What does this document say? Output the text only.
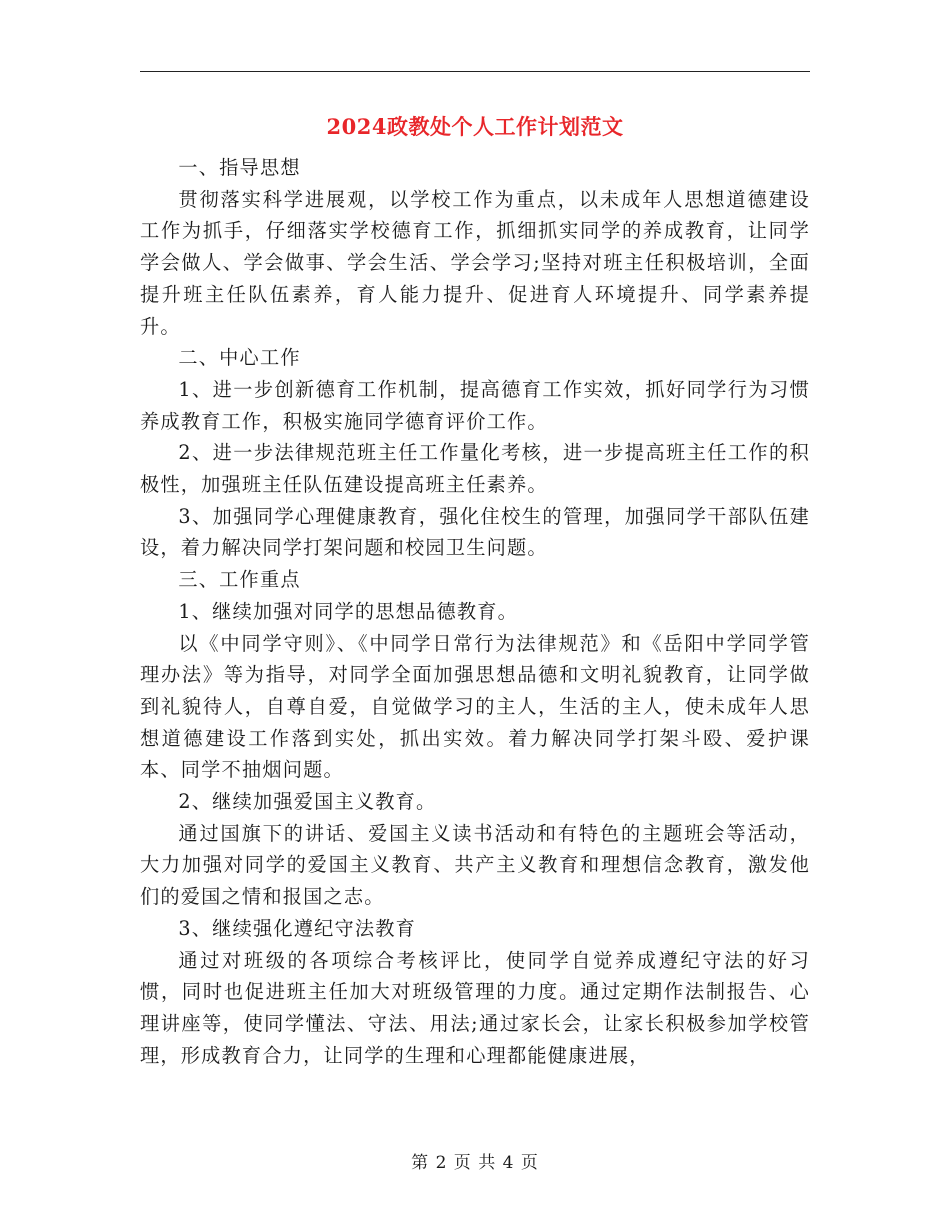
2024政教处个人工作计划范文

一、指导思想

贯彻落实科学进展观，以学校工作为重点，以未成年人思想道德建设工作为抓手，仔细落实学校德育工作，抓细抓实同学的养成教育，让同学学会做人、学会做事、学会生活、学会学习;坚持对班主任积极培训，全面提升班主任队伍素养，育人能力提升、促进育人环境提升、同学素养提升。

二、中心工作

1、进一步创新德育工作机制，提高德育工作实效，抓好同学行为习惯养成教育工作，积极实施同学德育评价工作。

2、进一步法律规范班主任工作量化考核，进一步提高班主任工作的积极性，加强班主任队伍建设提高班主任素养。

3、加强同学心理健康教育，强化住校生的管理，加强同学干部队伍建设，着力解决同学打架问题和校园卫生问题。

三、工作重点

1、继续加强对同学的思想品德教育。

以《中同学守则》、《中同学日常行为法律规范》和《岳阳中学同学管理办法》等为指导，对同学全面加强思想品德和文明礼貌教育，让同学做到礼貌待人，自尊自爱，自觉做学习的主人，生活的主人，使未成年人思想道德建设工作落到实处，抓出实效。着力解决同学打架斗殴、爱护课本、同学不抽烟问题。

2、继续加强爱国主义教育。

通过国旗下的讲话、爱国主义读书活动和有特色的主题班会等活动，大力加强对同学的爱国主义教育、共产主义教育和理想信念教育，激发他们的爱国之情和报国之志。

3、继续强化遵纪守法教育

通过对班级的各项综合考核评比，使同学自觉养成遵纪守法的好习惯，同时也促进班主任加大对班级管理的力度。通过定期作法制报告、心理讲座等，使同学懂法、守法、用法;通过家长会，让家长积极参加学校管理，形成教育合力，让同学的生理和心理都能健康进展，

第 2 页 共 4 页
